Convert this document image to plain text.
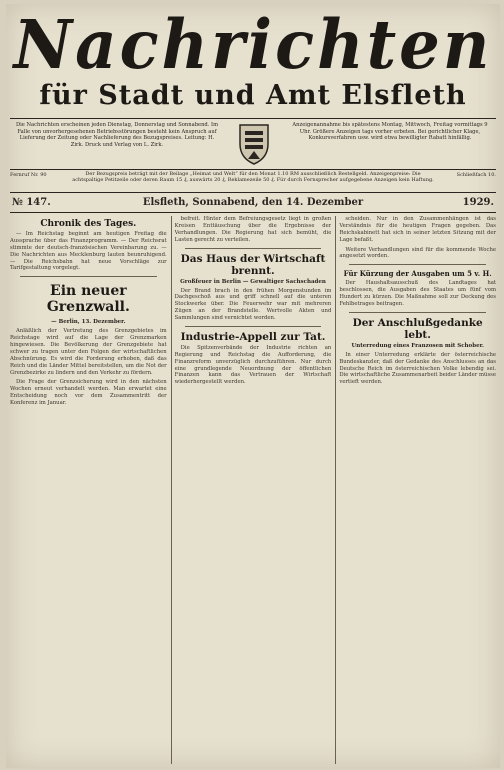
Nachrichten
für Stadt und Amt Elsfleth
Die Nachrichten erscheinen jeden Dienstag, Donnerstag und Sonnabend. Im Falle von unvorhergesehenen Betriebsstörungen besteht kein Anspruch auf Lieferung der Zeitung oder Nachlieferung des Bezugspreises. Leitung: H. Zirk. Druck und Verlag von L. Zirk.
Anzeigenannahme bis spätestens Montag, Mittwoch, Freitag vormittags 9 Uhr. Größere Anzeigen tags vorher erbeten. Bei gerichtlicher Klage, Konkursverfahren usw. wird etwa bewilligter Rabatt hinfällig.
Fernruf Nr. 90	Der Bezugspreis beträgt mit der Beilage „Heimat und Welt“ für den Monat 1.10 RM ausschließlich Bestellgeld. Anzeigenpreise: Die achtspaltige Petitzeile oder deren Raum 15 ₰, auswärts 20 ₰, Reklamezeile 50 ₰. Für durch Fernsprecher aufgegebene Anzeigen kein Haftung.
Schließfach 10.
№ 147.	Elsfleth, Sonnabend, den 14. Dezember	1929.
Chronik des Tages.

— Im Reichstag beginnt am heutigen Freitag die Aussprache über das Finanzprogramm. — Der Reichsrat stimmte der deutsch-französischen Vereinbarung zu. — Die Nachrichten aus Mecklenburg lauten beunruhigend. — Die Reichsbahn hat neue Vorschläge zur Tarifgestaltung vorgelegt.

Ein neuer Grenzwall.
— Berlin, 13. Dezember.

Anläßlich der Vertretung des Grenzgebietes im Reichstage wird auf die Lage der Grenzmarken hingewiesen. Die Bevölkerung der Grenzgebiete hat schwer zu tragen unter den Folgen der wirtschaftlichen Abschnürung. Es wird die Forderung erhoben, daß das Reich und die Länder Mittel bereitstellen, um die Not der Grenzbezirke zu lindern und den Verkehr zu fördern.

Die Frage der Grenzsicherung wird in den nächsten Wochen erneut verhandelt werden. Man erwartet eine Entscheidung noch vor dem Zusammentritt der Konferenz im Januar.

befreit. Hinter dem Befreiungsgesetz liegt in großen Kreisen Enttäuschung über die Ergebnisse der Verhandlungen. Die Regierung hat sich bemüht, die Lasten gerecht zu verteilen.

Das Haus der Wirtschaft brennt.
Großfeuer in Berlin — Gewaltiger Sachschaden

Der Brand brach in den frühen Morgenstunden im Dachgeschoß aus und griff schnell auf die unteren Stockwerke über. Die Feuerwehr war mit mehreren Zügen an der Brandstelle. Wertvolle Akten und Sammlungen sind vernichtet worden.

Industrie-Appell zur Tat.

Die Spitzenverbände der Industrie richten an Regierung und Reichstag die Aufforderung, die Finanzreform unverzüglich durchzuführen. Nur durch eine grundlegende Neuordnung der öffentlichen Finanzen kann das Vertrauen der Wirtschaft wiederhergestellt werden.

scheiden. Nur in den Zusammenhängen ist das Verständnis für die heutigen Fragen gegeben. Das Reichskabinett hat sich in seiner letzten Sitzung mit der Lage befaßt.

Weitere Verhandlungen sind für die kommende Woche angesetzt worden.

Für Kürzung der Ausgaben um 5 v. H.

Der Haushaltsausschuß des Landtages hat beschlossen, die Ausgaben des Staates um fünf vom Hundert zu kürzen. Die Maßnahme soll zur Deckung des Fehlbetrages beitragen.

Der Anschlußgedanke lebt.
Unterredung eines Franzosen mit Schober.

In einer Unterredung erklärte der österreichische Bundeskanzler, daß der Gedanke des Anschlusses an das Deutsche Reich im österreichischen Volke lebendig sei. Die wirtschaftliche Zusammenarbeit beider Länder müsse vertieft werden.
